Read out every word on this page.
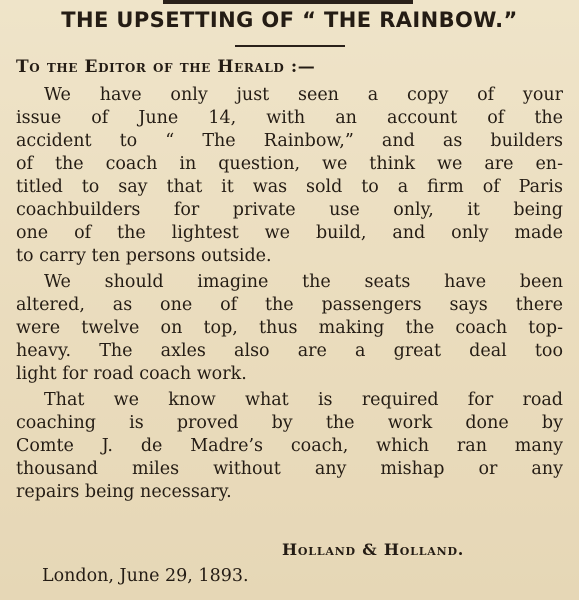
THE UPSETTING OF “ THE RAINBOW.”
To the Editor of the Herald :—
We have only just seen a copy of your
issue of June 14, with an account of the
accident to “ The Rainbow,” and as builders
of the coach in question, we think we are en-
titled to say that it was sold to a firm of Paris
coachbuilders for private use only, it being
one of the lightest we build, and only made
to carry ten persons outside.
We should imagine the seats have been
altered, as one of the passengers says there
were twelve on top, thus making the coach top-
heavy. The axles also are a great deal too
light for road coach work.
That we know what is required for road
coaching is proved by the work done by
Comte J. de Madre’s coach, which ran many
thousand miles without any mishap or any
repairs being necessary.
Holland & Holland.
London, June 29, 1893.
